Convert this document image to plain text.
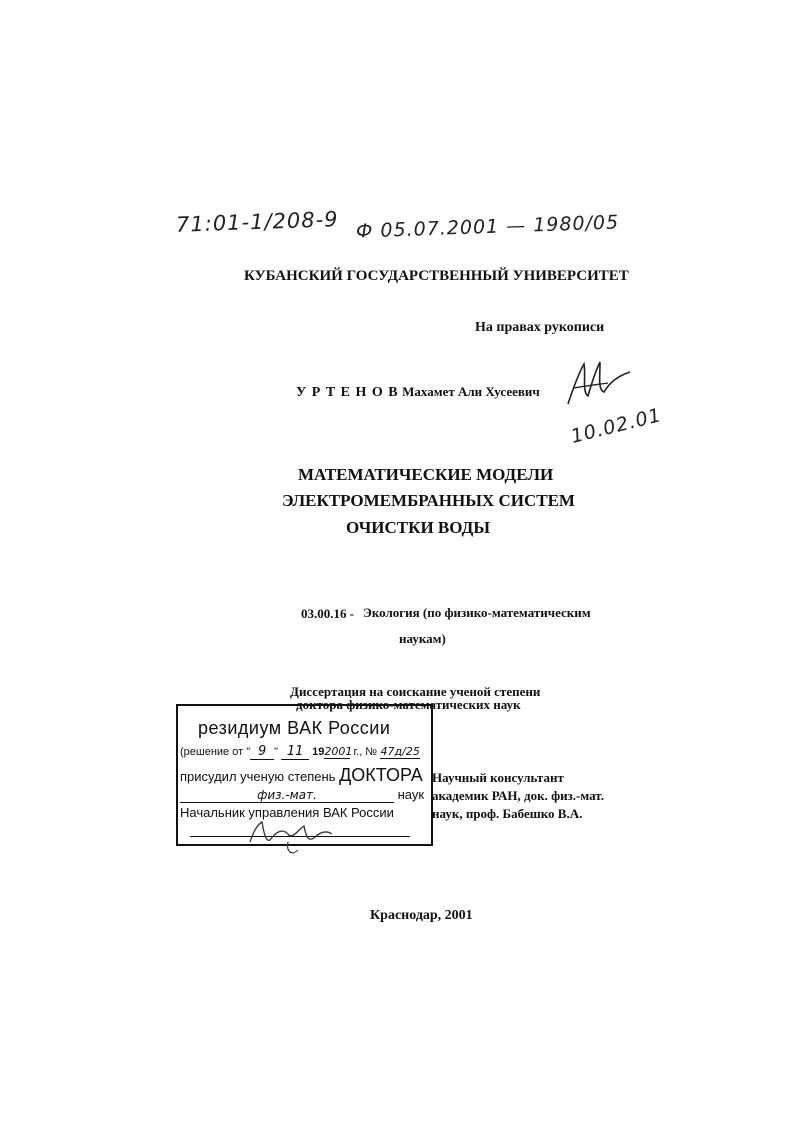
71:01-1/208-9 Ф 05.07.2001 — 1980/05
КУБАНСКИЙ ГОСУДАРСТВЕННЫЙ УНИВЕРСИТЕТ
На правах рукописи
У Р Т Е Н О В Махамет Али Хусеевич
10.02.01
МАТЕМАТИЧЕСКИЕ МОДЕЛИ
ЭЛЕКТРОМЕМБРАННЫХ СИСТЕМ
ОЧИСТКИ ВОДЫ
03.00.16 - Экология (по физико-математическим
наукам)
Диссертация на соискание ученой степени
доктора физико-математических наук
резидиум ВАК России
(решение от " 9 " 11 192001 г., № 47д/25
присудил ученую степень ДОКТОРА
физ.-мат.	наук
Начальник управления ВАК России
Научный консультант
академик РАН, док. физ.-мат.
наук, проф. Бабешко В.А.
Краснодар, 2001
